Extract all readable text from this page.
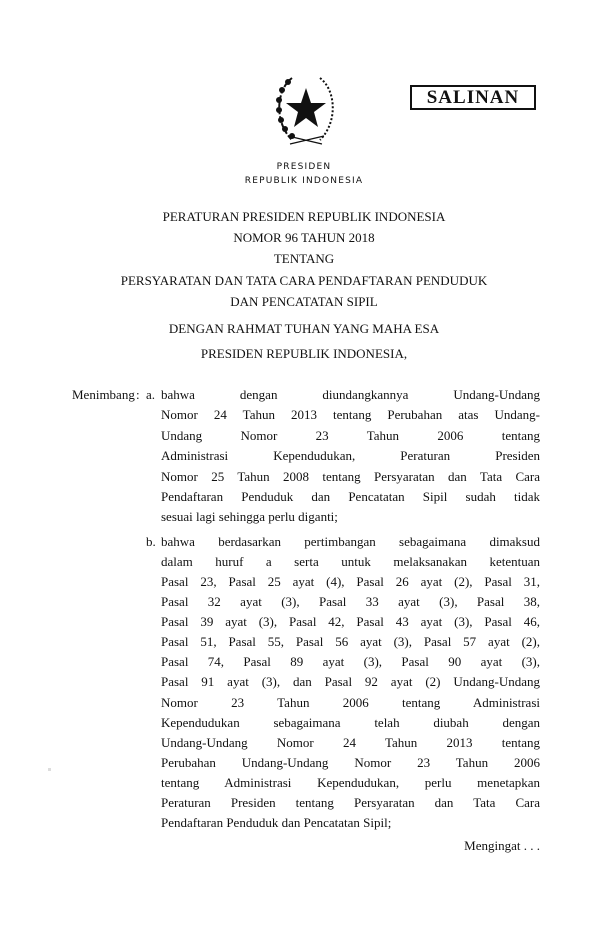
SALINAN
PRESIDEN
REPUBLIK INDONESIA
PERATURAN PRESIDEN REPUBLIK INDONESIA
NOMOR 96 TAHUN 2018
TENTANG
PERSYARATAN DAN TATA CARA PENDAFTARAN PENDUDUK
DAN PENCATATAN SIPIL
DENGAN RAHMAT TUHAN YANG MAHA ESA
PRESIDEN REPUBLIK INDONESIA,
Menimbang : a.
b.
bahwa dengan diundangkannya Undang-Undang
Nomor 24 Tahun 2013 tentang Perubahan atas Undang-
Undang Nomor 23 Tahun 2006 tentang
Administrasi Kependudukan, Peraturan Presiden
Nomor 25 Tahun 2008 tentang Persyaratan dan Tata Cara
Pendaftaran Penduduk dan Pencatatan Sipil sudah tidak
sesuai lagi sehingga perlu diganti;
bahwa berdasarkan pertimbangan sebagaimana dimaksud
dalam huruf a serta untuk melaksanakan ketentuan
Pasal 23, Pasal 25 ayat (4), Pasal 26 ayat (2), Pasal 31,
Pasal 32 ayat (3), Pasal 33 ayat (3), Pasal 38,
Pasal 39 ayat (3), Pasal 42, Pasal 43 ayat (3), Pasal 46,
Pasal 51, Pasal 55, Pasal 56 ayat (3), Pasal 57 ayat (2),
Pasal 74, Pasal 89 ayat (3), Pasal 90 ayat (3),
Pasal 91 ayat (3), dan Pasal 92 ayat (2) Undang-Undang
Nomor 23 Tahun 2006 tentang Administrasi
Kependudukan sebagaimana telah diubah dengan
Undang-Undang Nomor 24 Tahun 2013 tentang
Perubahan Undang-Undang Nomor 23 Tahun 2006
tentang Administrasi Kependudukan, perlu menetapkan
Peraturan Presiden tentang Persyaratan dan Tata Cara
Pendaftaran Penduduk dan Pencatatan Sipil;
Mengingat . . .
